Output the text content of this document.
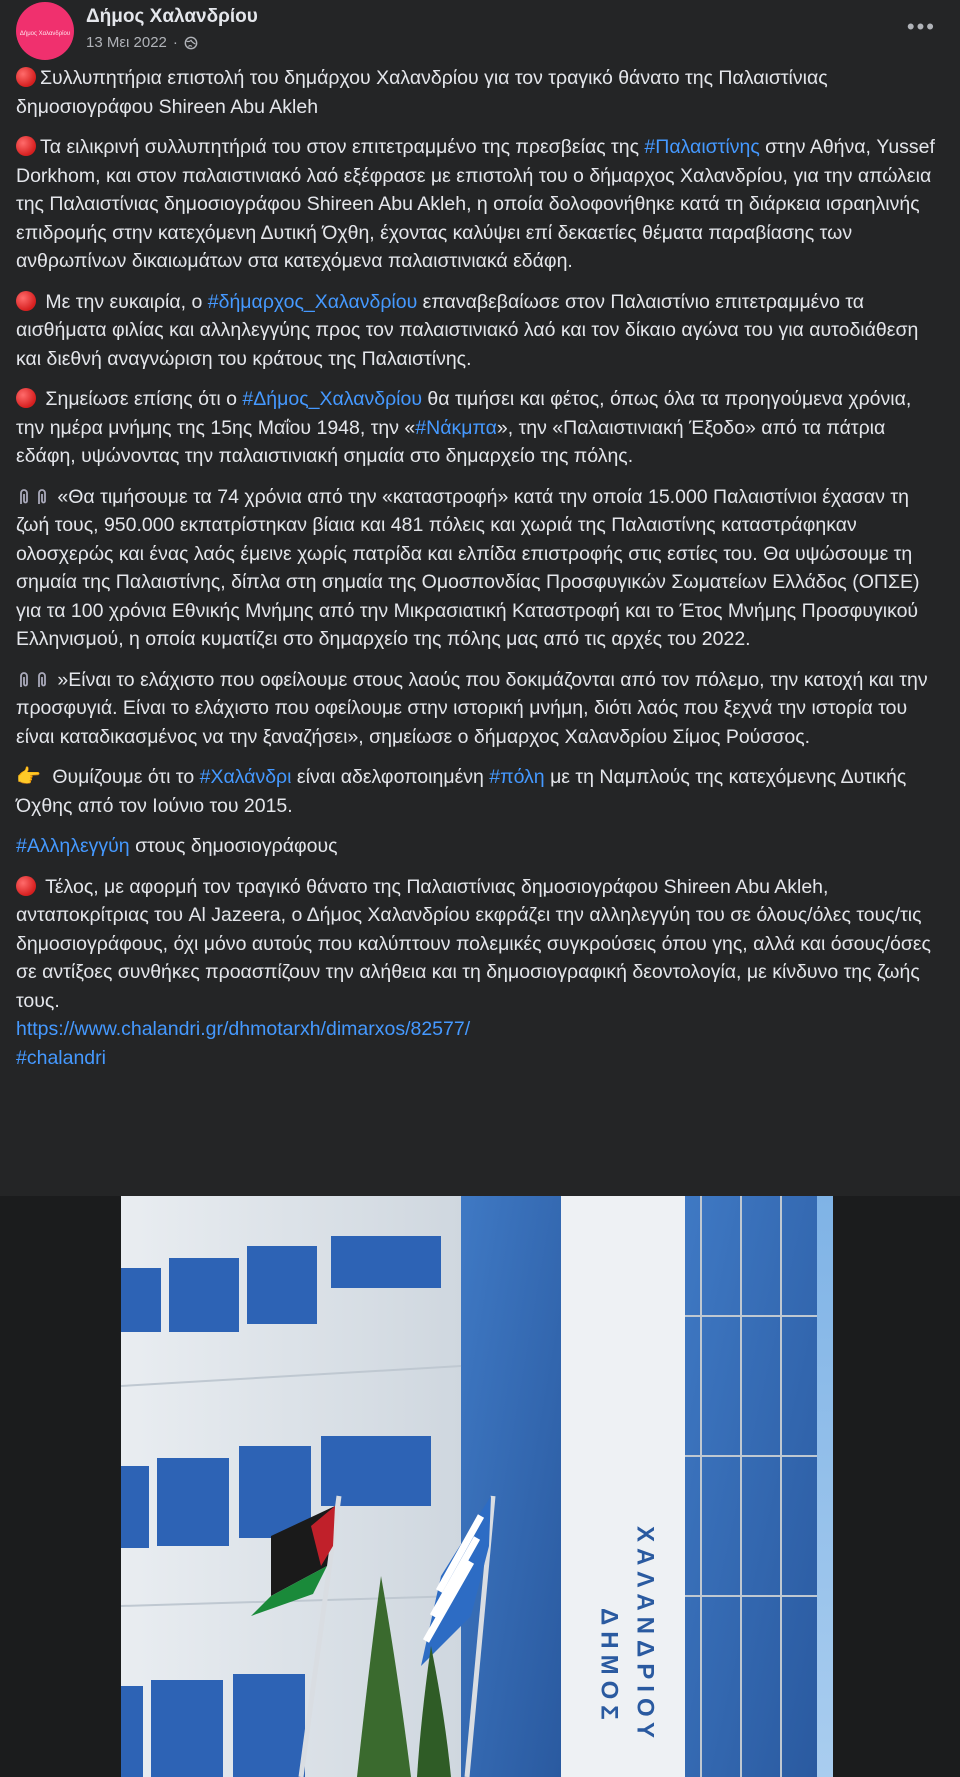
Δήμος Χαλανδρίου
Δήμος Χαλανδρίου
13 Μει 2022 ·
•••

Συλλυπητήρια επιστολή του δημάρχου Χαλανδρίου για τον τραγικό θάνατο της Παλαιστίνιας δημοσιογράφου Shireen Abu Akleh

Τα ειλικρινή συλλυπητήριά του στον επιτετραμμένο της πρεσβείας της #Παλαιστίνης στην Αθήνα, Yussef Dorkhom, και στον παλαιστινιακό λαό εξέφρασε με επιστολή του ο δήμαρχος Χαλανδρίου, για την απώλεια της Παλαιστίνιας δημοσιογράφου Shireen Abu Akleh, η οποία δολοφονήθηκε κατά τη διάρκεια ισραηλινής επιδρομής στην κατεχόμενη Δυτική Όχθη, έχοντας καλύψει επί δεκαετίες θέματα παραβίασης των ανθρωπίνων δικαιωμάτων στα κατεχόμενα παλαιστινιακά εδάφη.

Με την ευκαιρία, ο #δήμαρχος_Χαλανδρίου επαναβεβαίωσε στον Παλαιστίνιο επιτετραμμένο τα αισθήματα φιλίας και αλληλεγγύης προς τον παλαιστινιακό λαό και τον δίκαιο αγώνα του για αυτοδιάθεση και διεθνή αναγνώριση του κράτους της Παλαιστίνης.

Σημείωσε επίσης ότι ο #Δήμος_Χαλανδρίου θα τιμήσει και φέτος, όπως όλα τα προηγούμενα χρόνια, την ημέρα μνήμης της 15ης Μαΐου 1948, την «#Νάκμπα», την «Παλαιστινιακή Έξοδο» από τα πάτρια εδάφη, υψώνοντας την παλαιστινιακή σημαία στο δημαρχείο της πόλης.

«Θα τιμήσουμε τα 74 χρόνια από την «καταστροφή» κατά την οποία 15.000 Παλαιστίνιοι έχασαν τη ζωή τους, 950.000 εκπατρίστηκαν βίαια και 481 πόλεις και χωριά της Παλαιστίνης καταστράφηκαν ολοσχερώς και ένας λαός έμεινε χωρίς πατρίδα και ελπίδα επιστροφής στις εστίες του. Θα υψώσουμε τη σημαία της Παλαιστίνης, δίπλα στη σημαία της Ομοσπονδίας Προσφυγικών Σωματείων Ελλάδος (ΟΠΣΕ) για τα 100 χρόνια Εθνικής Μνήμης από την Μικρασιατική Καταστροφή και το Έτος Μνήμης Προσφυγικού Ελληνισμού, η οποία κυματίζει στο δημαρχείο της πόλης μας από τις αρχές του 2022.

»Είναι το ελάχιστο που οφείλουμε στους λαούς που δοκιμάζονται από τον πόλεμο, την κατοχή και την προσφυγιά. Είναι το ελάχιστο που οφείλουμε στην ιστορική μνήμη, διότι λαός που ξεχνά την ιστορία του είναι καταδικασμένος να την ξαναζήσει», σημείωσε ο δήμαρχος Χαλανδρίου Σίμος Ρούσσος.

👉 Θυμίζουμε ότι το #Χαλάνδρι είναι αδελφοποιημένη #πόλη με τη Ναμπλούς της κατεχόμενης Δυτικής Όχθης από τον Ιούνιο του 2015.

#Αλληλεγγύη στους δημοσιογράφους

Τέλος, με αφορμή τον τραγικό θάνατο της Παλαιστίνιας δημοσιογράφου Shireen Abu Akleh, ανταποκρίτριας του Al Jazeera, ο Δήμος Χαλανδρίου εκφράζει την αλληλεγγύη του σε όλους/όλες τους/τις δημοσιογράφους, όχι μόνο αυτούς που καλύπτουν πολεμικές συγκρούσεις όπου γης, αλλά και όσους/όσες σε αντίξοες συνθήκες προασπίζουν την αλήθεια και τη δημοσιογραφική δεοντολογία, με κίνδυνο της ζωής τους.

https://www.chalandri.gr/dhmotarxh/dimarxos/82577/
#chalandri
ΧΑΛΑΝΔΡΙΟΥ
ΔΗΜΟΣ
